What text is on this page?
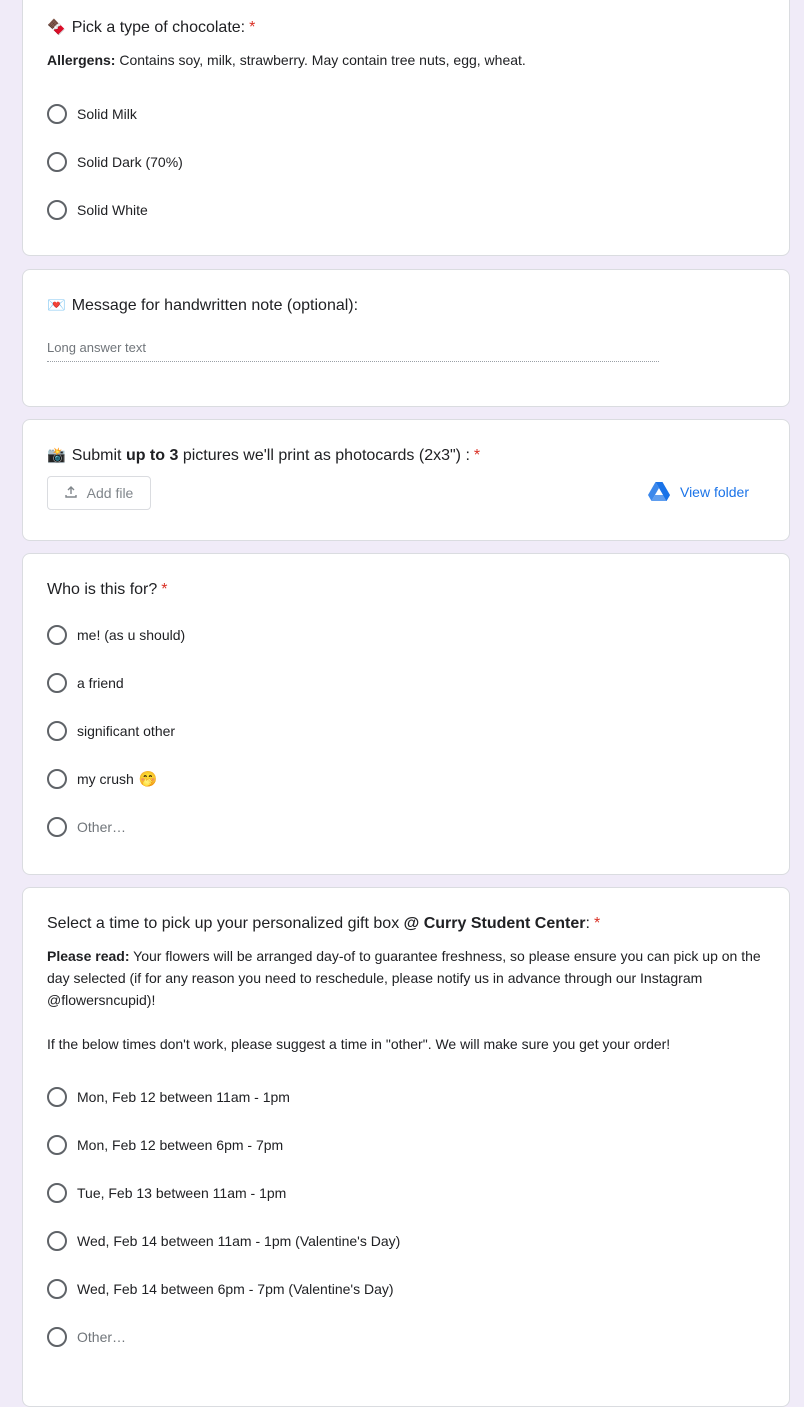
🍫 Pick a type of chocolate: *
Allergens: Contains soy, milk, strawberry. May contain tree nuts, egg, wheat.
Solid Milk
Solid Dark (70%)
Solid White
💌 Message for handwritten note (optional):
Long answer text
📸 Submit up to 3 pictures we'll print as photocards (2x3") : *
Add file	View folder
Who is this for? *
me! (as u should)
a friend
significant other
my crush 🤭
Other…
Select a time to pick up your personalized gift box @ Curry Student Center: *
Please read: Your flowers will be arranged day-of to guarantee freshness, so please ensure you can pick up on the day selected (if for any reason you need to reschedule, please notify us in advance through our Instagram @flowersncupid)!
If the below times don't work, please suggest a time in "other". We will make sure you get your order!
Mon, Feb 12 between 11am - 1pm
Mon, Feb 12 between 6pm - 7pm
Tue, Feb 13 between 11am - 1pm
Wed, Feb 14 between 11am - 1pm (Valentine's Day)
Wed, Feb 14 between 6pm - 7pm (Valentine's Day)
Other…
